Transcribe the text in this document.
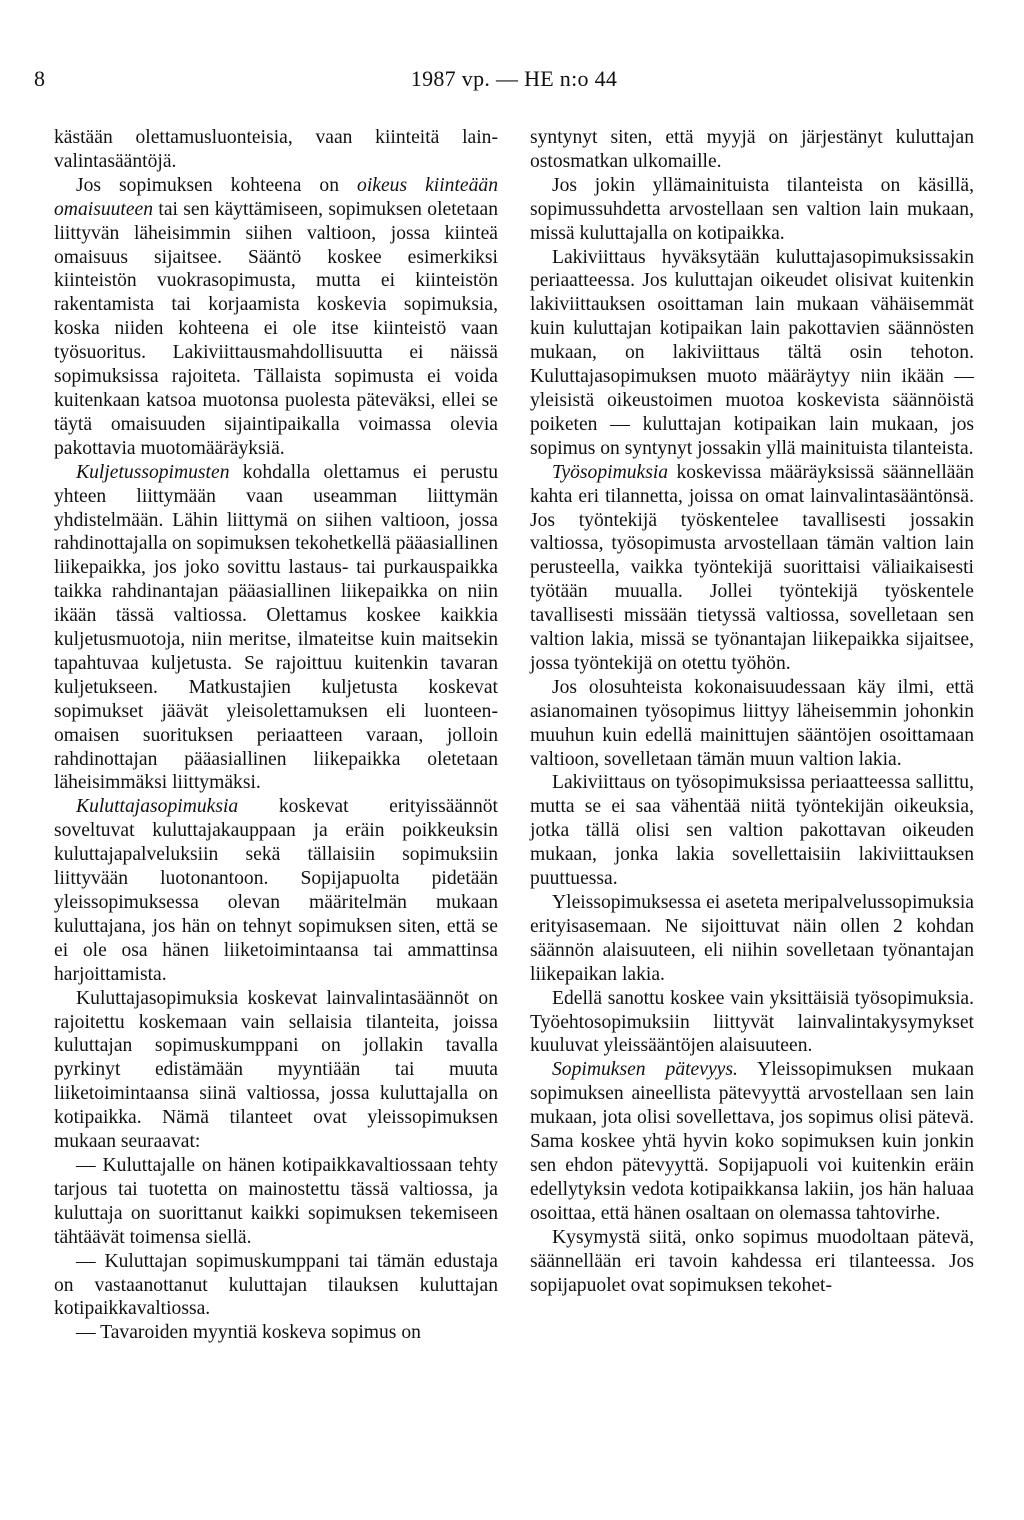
8	1987 vp. — HE n:o 44

kästään olettamusluonteisia, vaan kiinteitä lainvalintasääntöjä.

Jos sopimuksen kohteena on oikeus kiinteään omaisuuteen tai sen käyttämiseen, sopimuksen oletetaan liittyvän läheisimmin siihen valtioon, jossa kiinteä omaisuus sijaitsee. Sääntö koskee esimerkiksi kiinteistön vuokrasopimusta, mutta ei kiinteistön rakentamista tai korjaamista koskevia sopimuksia, koska niiden kohteena ei ole itse kiinteistö vaan työsuoritus. Lakiviittausmahdollisuutta ei näissä sopimuksissa rajoiteta. Tällaista sopimusta ei voida kuitenkaan katsoa muotonsa puolesta päteväksi, ellei se täytä omaisuuden sijaintipaikalla voimassa olevia pakottavia muotomääräyksiä.

Kuljetussopimusten kohdalla olettamus ei perustu yhteen liittymään vaan useamman liittymän yhdistelmään. Lähin liittymä on siihen valtioon, jossa rahdinottajalla on sopimuksen tekohetkellä pääasiallinen liikepaikka, jos joko sovittu lastaus- tai purkauspaikka taikka rahdinantajan pääasiallinen liikepaikka on niin ikään tässä valtiossa. Olettamus koskee kaikkia kuljetusmuotoja, niin meritse, ilmateitse kuin maitsekin tapahtuvaa kuljetusta. Se rajoittuu kuitenkin tavaran kuljetukseen. Matkustajien kuljetusta koskevat sopimukset jäävät yleisolettamuksen eli luonteenomaisen suorituksen periaatteen varaan, jolloin rahdinottajan pääasiallinen liikepaikka oletetaan läheisimmäksi liittymäksi.

Kuluttajasopimuksia koskevat erityissäännöt soveltuvat kuluttajakauppaan ja eräin poikkeuksin kuluttajapalveluksiin sekä tällaisiin sopimuksiin liittyvään luotonantoon. Sopijapuolta pidetään yleissopimuksessa olevan määritelmän mukaan kuluttajana, jos hän on tehnyt sopimuksen siten, että se ei ole osa hänen liiketoimintaansa tai ammattinsa harjoittamista.

Kuluttajasopimuksia koskevat lainvalintasäännöt on rajoitettu koskemaan vain sellaisia tilanteita, joissa kuluttajan sopimuskumppani on jollakin tavalla pyrkinyt edistämään myyntiään tai muuta liiketoimintaansa siinä valtiossa, jossa kuluttajalla on kotipaikka. Nämä tilanteet ovat yleissopimuksen mukaan seuraavat:

— Kuluttajalle on hänen kotipaikkavaltiossaan tehty tarjous tai tuotetta on mainostettu tässä valtiossa, ja kuluttaja on suorittanut kaikki sopimuksen tekemiseen tähtäävät toimensa siellä.

— Kuluttajan sopimuskumppani tai tämän edustaja on vastaanottanut kuluttajan tilauksen kuluttajan kotipaikkavaltiossa.

— Tavaroiden myyntiä koskeva sopimus on

syntynyt siten, että myyjä on järjestänyt kuluttajan ostosmatkan ulkomaille.

Jos jokin yllämainituista tilanteista on käsillä, sopimussuhdetta arvostellaan sen valtion lain mukaan, missä kuluttajalla on kotipaikka.

Lakiviittaus hyväksytään kuluttajasopimuksissakin periaatteessa. Jos kuluttajan oikeudet olisivat kuitenkin lakiviittauksen osoittaman lain mukaan vähäisemmät kuin kuluttajan kotipaikan lain pakottavien säännösten mukaan, on lakiviittaus tältä osin tehoton. Kuluttajasopimuksen muoto määräytyy niin ikään — yleisistä oikeustoimen muotoa koskevista säännöistä poiketen — kuluttajan kotipaikan lain mukaan, jos sopimus on syntynyt jossakin yllä mainituista tilanteista.

Työsopimuksia koskevissa määräyksissä säännellään kahta eri tilannetta, joissa on omat lainvalintasääntönsä. Jos työntekijä työskentelee tavallisesti jossakin valtiossa, työsopimusta arvostellaan tämän valtion lain perusteella, vaikka työntekijä suorittaisi väliaikaisesti työtään muualla. Jollei työntekijä työskentele tavallisesti missään tietyssä valtiossa, sovelletaan sen valtion lakia, missä se työnantajan liikepaikka sijaitsee, jossa työntekijä on otettu työhön.

Jos olosuhteista kokonaisuudessaan käy ilmi, että asianomainen työsopimus liittyy läheisemmin johonkin muuhun kuin edellä mainittujen sääntöjen osoittamaan valtioon, sovelletaan tämän muun valtion lakia.

Lakiviittaus on työsopimuksissa periaatteessa sallittu, mutta se ei saa vähentää niitä työntekijän oikeuksia, jotka tällä olisi sen valtion pakottavan oikeuden mukaan, jonka lakia sovellettaisiin lakiviittauksen puuttuessa.

Yleissopimuksessa ei aseteta meripalvelussopimuksia erityisasemaan. Ne sijoittuvat näin ollen 2 kohdan säännön alaisuuteen, eli niihin sovelletaan työnantajan liikepaikan lakia.

Edellä sanottu koskee vain yksittäisiä työsopimuksia. Työehtosopimuksiin liittyvät lainvalintakysymykset kuuluvat yleissääntöjen alaisuuteen.

Sopimuksen pätevyys. Yleissopimuksen mukaan sopimuksen aineellista pätevyyttä arvostellaan sen lain mukaan, jota olisi sovellettava, jos sopimus olisi pätevä. Sama koskee yhtä hyvin koko sopimuksen kuin jonkin sen ehdon pätevyyttä. Sopijapuoli voi kuitenkin eräin edellytyksin vedota kotipaikkansa lakiin, jos hän haluaa osoittaa, että hänen osaltaan on olemassa tahtovirhe.

Kysymystä siitä, onko sopimus muodoltaan pätevä, säännellään eri tavoin kahdessa eri tilanteessa. Jos sopijapuolet ovat sopimuksen tekohet-
